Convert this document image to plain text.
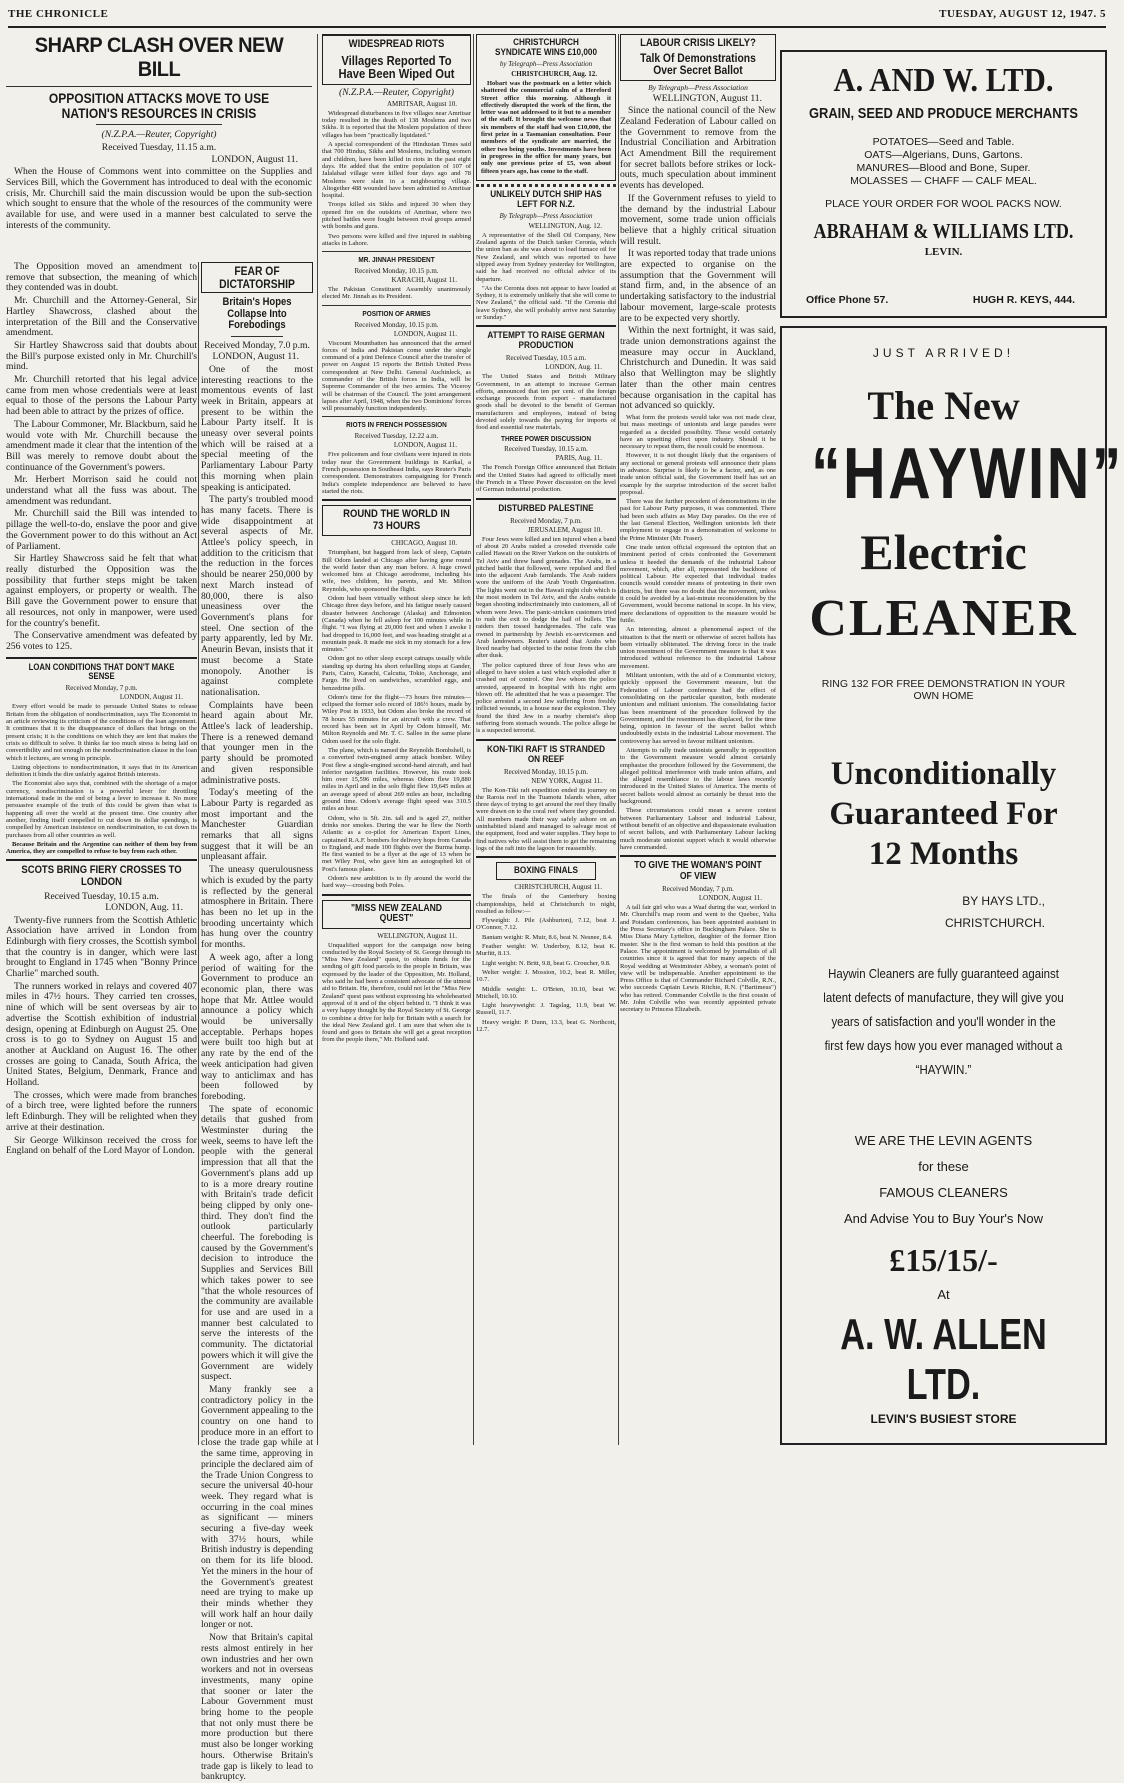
THE CHRONICLE	TUESDAY, AUGUST 12, 1947. 5
SHARP CLASH OVER NEW BILL
OPPOSITION ATTACKS MOVE TO USE NATION'S RESOURCES IN CRISIS
(N.Z.P.A.—Reuter, Copyright)
Received Tuesday, 11.15 a.m.
LONDON, August 11.

When the House of Commons went into committee on the Supplies and Services Bill, which the Government has introduced to deal with the economic crisis, Mr. Churchill said the main discussion would be upon the sub-section which sought to ensure that the whole of the resources of the community were available for use, and were used in a manner best calculated to serve the interests of the community.

The Opposition moved an amendment to remove that subsection, the meaning of which they contended was in doubt.

Mr. Churchill and the Attorney-General, Sir Hartley Shawcross, clashed about the interpretation of the Bill and the Conservative amendment.

Sir Hartley Shawcross said that doubts about the Bill's purpose existed only in Mr. Churchill's mind.

Mr. Churchill retorted that his legal advice came from men whose credentials were at least equal to those of the persons the Labour Party had been able to attract by the prizes of office.

The Labour Commoner, Mr. Blackburn, said he would vote with Mr. Churchill because the amendment made it clear that the intention of the Bill was merely to remove doubt about the continuance of the Government's powers.

Mr. Herbert Morrison said he could not understand what all the fuss was about. The amendment was redundant.

Mr. Churchill said the Bill was intended to pillage the well-to-do, enslave the poor and give the Government power to do this without an Act of Parliament.

Sir Hartley Shawcross said he felt that what really disturbed the Opposition was the possibility that further steps might be taken against employers, or property or wealth. The Bill gave the Government power to ensure that all resources, not only in manpower, were used for the country's benefit.

The Conservative amendment was defeated by 256 votes to 125.

LOAN CONDITIONS THAT DON'T MAKE SENSE
Received Monday, 7 p.m.
LONDON, August 11.

Every effort would be made to persuade United States to release Britain from the obligation of nondiscrimination, says The Economist in an article reviewing its criticism of the conditions of the loan agreement. It continues that it is the disappearance of dollars that brings on the present crisis; it is the conditions on which they are lent that makes the crisis so difficult to solve. It thinks far too much stress is being laid on convertibility and not enough on the nondiscrimination clause in the loan which it lectures, are wrong in principle.

Listing objections to nondiscrimination, it says that in its American definition it binds the dire unfairly against British interests.

The Economist also says that, combined with the shortage of a major currency, nondiscrimination is a powerful lever for throttling international trade in the end of being a lever to increase it. No more persuasive example of the truth of this could be given than what is happening all over the world at the present time. One country after another, finding itself compelled to cut down its dollar spendings, is compelled by American insistence on nondiscrimination, to cut down its purchases from all other countries as well.

Because Britain and the Argentine can neither of them buy from America, they are compelled to refuse to buy from each other.

SCOTS BRING FIERY CROSSES TO LONDON
Received Tuesday, 10.15 a.m.
LONDON, Aug. 11.

Twenty-five runners from the Scottish Athletic Association have arrived in London from Edinburgh with fiery crosses, the Scottish symbol that the country is in danger, which were last brought to England in 1745 when "Bonny Prince Charlie" marched south.

The runners worked in relays and covered 407 miles in 47½ hours. They carried ten crosses, nine of which will be sent overseas by air to advertise the Scottish exhibition of industrial design, opening at Edinburgh on August 25. One cross is to go to Sydney on August 15 and another at Auckland on August 16. The other crosses are going to Canada, South Africa, the United States, Belgium, Denmark, France and Holland.

The crosses, which were made from branches of a birch tree, were lighted before the runners left Edinburgh. They will be relighted when they arrive at their destination.

Sir George Wilkinson received the cross for England on behalf of the Lord Mayor of London.

FEAR OF DICTATORSHIP
Britain's Hopes Collapse Into Forebodings
Received Monday, 7.0 p.m.
LONDON, August 11.

One of the most interesting reactions to the momentous events of last week in Britain, appears at present to be within the Labour Party itself. It is uneasy over several points which will be raised at a special meeting of the Parliamentary Labour Party this morning when plain speaking is anticipated.

The party's troubled mood has many facets. There is wide disappointment at several aspects of Mr. Attlee's policy speech, in addition to the criticism that the reduction in the forces should be nearer 250,000 by next March instead of 80,000, there is also uneasiness over the Government's plans for steel. One section of the party apparently, led by Mr. Aneurin Bevan, insists that it must become a State monopoly. Another is against complete nationalisation.

Complaints have been heard again about Mr. Attlee's lack of leadership. There is a renewed demand that younger men in the party should be promoted and given responsible administrative posts.

Today's meeting of the Labour Party is regarded as most important and the Manchester Guardian remarks that all signs suggest that it will be an unpleasant affair.

The uneasy querulousness which is exuded by the party is reflected by the general atmosphere in Britain. There has been no let up in the brooding uncertainty which has hung over the country for months.

A week ago, after a long period of waiting for the Government to produce an economic plan, there was hope that Mr. Attlee would announce a policy which would be universally acceptable. Perhaps hopes were built too high but at any rate by the end of the week anticipation had given way to anticlimax and has been followed by foreboding.

The spate of economic details that gushed from Westminster during the week, seems to have left the people with the general impression that all that the Government's plans add up to is a more dreary routine with Britain's trade deficit being clipped by only one-third. They don't find the outlook particularly cheerful. The foreboding is caused by the Government's decision to introduce the Supplies and Services Bill which takes power to see "that the whole resources of the community are available for use and are used in a manner best calculated to serve the interests of the community. The dictatorial powers which it will give the Government are widely suspect.

Many frankly see a contradictory policy in the Government appealing to the country on one hand to produce more in an effort to close the trade gap while at the same time, approving in principle the declared aim of the Trade Union Congress to secure the universal 40-hour week. They regard what is occurring in the coal mines as significant — miners securing a five-day week with 37½ hours, while British industry is depending on them for its life blood. Yet the miners in the hour of the Government's greatest need are trying to make up their minds whether they will work half an hour daily longer or not.

Now that Britain's capital rests almost entirely in her own industries and her own workers and not in overseas investments, many opine that sooner or later the Labour Government must bring home to the people that not only must there be more production but there must also be longer working hours. Otherwise Britain's trade gap is likely to lead to bankruptcy.

WIDESPREAD RIOTS
Villages Reported To Have Been Wiped Out
(N.Z.P.A.—Reuter, Copyright)
AMRITSAR, August 10.

Widespread disturbances in five villages near Amritsar today resulted in the death of 138 Moslems and two Sikhs. It is reported that the Moslem population of three villages has been "practically liquidated."

A special correspondent of the Hindustan Times said that 700 Hindus, Sikhs and Moslems, including women and children, have been killed in riots in the past eight days. He added that the entire population of 107 of Jalalabad village were killed four days ago and 78 Moslems were slain in a neighbouring village. Altogether 488 wounded have been admitted to Amritsar hospital.

Troops killed six Sikhs and injured 30 when they opened fire on the outskirts of Amritsar, where two pitched battles were fought between rival groups armed with bombs and guns.

Two persons were killed and five injured in stabbing attacks in Lahore.

MR. JINNAH PRESIDENT
Received Monday, 10.15 p.m.
KARACHI, August 11.

The Pakistan Constituent Assembly unanimously elected Mr. Jinnah as its President.

POSITION OF ARMIES
Received Monday, 10.15 p.m.
LONDON, August 11.

Viscount Mountbatten has announced that the armed forces of India and Pakistan come under the single command of a joint Defence Council after the transfer of power on August 15 reports the British United Press correspondent at New Delhi. General Auchinleck, as commander of the British forces in India, will be Supreme Commander of the two armies. The Viceroy will be chairman of the Council. The joint arrangement lapses after April, 1948, when the two Dominions' forces will presumably function independently.

RIOTS IN FRENCH POSSESSION
Received Tuesday, 12.22 a.m.
LONDON, August 11.

Five policemen and four civilians were injured in riots today near the Government buildings in Karikal, a French possession in Southeast India, says Reuter's Paris correspondent. Demonstrators campaigning for French India's complete independence are believed to have started the riots.

ROUND THE WORLD IN 73 HOURS
CHICAGO, August 10.

Triumphant, but haggard from lack of sleep, Captain Bill Odom landed at Chicago after having gone round the world faster than any man before. A huge crowd welcomed him at Chicago aerodrome, including his wife, two children, his parents, and Mr. Milton Reynolds, who sponsored the flight.

Odom had been virtually without sleep since he left Chicago three days before, and his fatigue nearly caused disaster between Anchorage (Alaska) and Edmonton (Canada) when he fell asleep for 100 minutes while in flight. "I was flying at 20,000 feet and when I awoke I had dropped to 16,000 feet, and was heading straight at a mountain peak. It made me sick in my stomach for a few minutes."

Odom got no other sleep except catnaps usually while standing up during his short refuelling stops at Gander, Paris, Cairo, Karachi, Calcutta, Tokio, Anchorage, and Fargo. He lived on sandwiches, scrambled eggs, and benzedrine pills.

Odom's time for the flight—73 hours five minutes—eclipsed the former solo record of 186½ hours, made by Wiley Post in 1933, but Odom also broke the record of 78 hours 55 minutes for an aircraft with a crew. That record has been set in April by Odom himself, Mr. Milton Reynolds and Mr. T. C. Sallee in the same plane Odom used for the solo flight.

The plane, which is named the Reynolds Bombshell, is a converted twin-engined army attack bomber. Wiley Post flew a single-engined second-hand aircraft, and had inferior navigation facilities. However, his route took him over 15,596 miles, whereas Odom flew 19,880 miles in April and in the solo flight flew 19,645 miles at an average speed of about 269 miles an hour, including ground time. Odom's average flight speed was 310.5 miles an hour.

Odom, who is 5ft. 2in. tall and is aged 27, neither drinks nor smokes. During the war he flew the North Atlantic as a co-pilot for American Export Lines, captained R.A.F. bombers for delivery hops from Canada to England, and made 100 flights over the Burma hump. He first wanted to be a flyer at the age of 13 when he met Wiley Post, who gave him an autographed kit of Post's famous plane.

Odom's new ambition is to fly around the world the hard way—crossing both Poles.

"MISS NEW ZEALAND QUEST"
WELLINGTON, August 11.

Unqualified support for the campaign now being conducted by the Royal Society of St. George through its "Miss New Zealand" quest, to obtain funds for the sending of gift food parcels to the people in Britain, was expressed by the leader of the Opposition, Mr. Holland, who said he had been a consistent advocate of the utmost aid to Britain. He, therefore, could not let the "Miss New Zealand" quest pass without expressing his wholehearted approval of it and of the object behind it. "I think it was a very happy thought by the Royal Society of St. George to combine a drive for help for Britain with a search for the ideal New Zealand girl. I am sure that when she is found and goes to Britain she will get a great reception from the people there," Mr. Holland said.

CHRISTCHURCH SYNDICATE WINS £10,000
by Telegraph—Press Association
CHRISTCHURCH, Aug. 12.

Hobart was the postmark on a letter which shattered the commercial calm of a Hereford Street office this morning. Although it effectively disrupted the work of the firm, the letter was not addressed to it but to a member of the staff. It brought the welcome news that six members of the staff had won £10,000, the first prize in a Tasmanian consultation. Four members of the syndicate are married, the other two being youths. Investments have been in progress in the office for many years, but only one previous prize of £5, won about fifteen years ago, has come to the staff.

UNLIKELY DUTCH SHIP HAS LEFT FOR N.Z.
By Telegraph—Press Association
WELLINGTON, Aug. 12.

A representative of the Shell Oil Company, New Zealand agents of the Dutch tanker Ceronia, which the union ban as she was about to load furnace oil for New Zealand, and which was reported to have slipped away from Sydney yesterday for Wellington, said he had received no official advice of its departure.

"As the Ceronia does not appear to have loaded at Sydney, it is extremely unlikely that she will come to New Zealand," the official said. "If the Ceronia did leave Sydney, she will probably arrive next Saturday or Sunday."

ATTEMPT TO RAISE GERMAN PRODUCTION
Received Tuesday, 10.5 a.m.
LONDON, Aug. 11.

The United States and British Military Government, in an attempt to increase German efforts, announced that ten per cent. of the foreign exchange proceeds from export - manufactured goods shall be devoted to the benefit of German manufacturers and employees, instead of being devoted solely towards the paying for imports of food and essential raw materials.

THREE POWER DISCUSSION
Received Tuesday, 10.15 a.m.
PARIS, Aug. 11.

The French Foreign Office announced that Britain and the United States had agreed to officially meet the French in a Three Power discussion on the level of German industrial production.

DISTURBED PALESTINE
Received Monday, 7 p.m.
JERUSALEM, August 10.

Four Jews were killed and ten injured when a band of about 20 Arabs raided a crowded riverside cafe called Hawaii on the River Yarkon on the outskirts of Tel Aviv and threw hand grenades. The Arabs, in a pitched battle that followed, were repulsed and fled into the adjacent Arab farmlands. The Arab raiders wore the uniform of the Arab Youth Organisation. The lights went out in the Hawaii night club which is the most modern in Tel Aviv, and the Arabs outside began shooting indiscriminately into customers, all of whom were Jews. The panic-stricken customers tried to rush the exit to dodge the hail of bullets. The raiders then tossed handgrenades. The cafe was owned in partnership by Jewish ex-servicemen and Arab landowners. Reuter's stated that Arabs who lived nearby had objected to the noise from the club after dusk.

The police captured three of four Jews who are alleged to have stolen a taxi which exploded after it crashed out of control. One Jew whom the police arrested, appeared in hospital with his right arm blown off. He admitted that he was a passenger. The police arrested a second Jew suffering from freshly inflicted wounds, in a house near the explosion. They found the third Jew in a nearby chemist's shop suffering from stomach wounds. The police allege he is a suspected terrorist.

KON-TIKI RAFT IS STRANDED ON REEF
Received Monday, 10.15 p.m.
NEW YORK, August 11.

The Kon-Tiki raft expedition ended its journey on the Raroia reef in the Tuamotu Islands when, after three days of trying to get around the reef they finally were drawn on to the coral reef where they grounded. All members made their way safely ashore on an uninhabited island and managed to salvage most of the equipment, food and water supplies. They hope to find natives who will assist them to get the remaining logs of the raft into the lagoon for reassembly.

BOXING FINALS
CHRISTCHURCH, August 11.

The finals of the Canterbury boxing championships, held at Christchurch to night, resulted as follow:—

Flyweight: J. Pile (Ashburton), 7.12, beat J. O'Connor, 7.12.

Bantam weight: R. Muir, 8.6, beat N. Nesnee, 8.4.

Feather weight: W. Underboy, 8.12, beat K. Murfitt, 8.13.

Light weight: N. Britt, 9.8, beat G. Croucher, 9.8.

Welter weight: J. Mossion, 10.2, beat R. Miller, 10.7.

Middle weight: L. O'Brien, 10.10, beat W. Mitchell, 10.10.

Light heavyweight: J. Tagslag, 11.9, beat W. Russell, 11.7.

Heavy weight: P. Dunn, 13.3, beat G. Northcott, 12.7.

LABOUR CRISIS LIKELY?
Talk Of Demonstrations Over Secret Ballot
By Telegraph—Press Association
WELLINGTON, August 11.

Since the national council of the New Zealand Federation of Labour called on the Government to remove from the Industrial Conciliation and Arbitration Act Amendment Bill the requirement for secret ballots before strikes or lock-outs, much speculation about imminent events has developed.

If the Government refuses to yield to the demand by the industrial Labour movement, some trade union officials believe that a highly critical situation will result.

It was reported today that trade unions are expected to organise on the assumption that the Government will stand firm, and, in the absence of an undertaking satisfactory to the industrial labour movement, large-scale protests are to be expected very shortly.

Within the next fortnight, it was said, trade union demonstrations against the measure may occur in Auckland, Christchurch and Dunedin. It was said also that Wellington may be slightly later than the other main centres because organisation in the capital has not advanced so quickly.

What form the protests would take was not made clear, but mass meetings of unionists and large parades were regarded as a decided possibility. These would certainly have an upsetting effect upon industry. Should it be necessary to repeat them, the result could be enormous.

However, it is not thought likely that the organisers of any sectional or general protests will announce their plans in advance. Surprise is likely to be a factor, and, as one trade union official said, the Government itself has set an example by the surprise introduction of the secret ballot proposal.

There was the further precedent of demonstrations in the past for Labour Party purposes, it was commented. There had been such affairs as May Day parades. On the eve of the last General Election, Wellington unionists left their employment to engage in a demonstration of welcome to the Prime Minister (Mr. Fraser).

One trade union official expressed the opinion that an imminent period of crisis confronted the Government unless it heeded the demands of the industrial Labour movement, which, after all, represented the backbone of political Labour. He expected that individual trades councils would consider means of protesting in their own districts, but there was no doubt that the movement, unless it could be avoided by a last-minute reconsideration by the Government, would become national in scope. In his view, mere declarations of opposition to the measure would be futile.

An interesting, almost a phenomenal aspect of the situation is that the merit or otherwise of secret ballots has been virtually obliterated. The driving force in the trade union resentment of the Government measure is that it was introduced without reference to the industrial Labour movement.

Militant unionism, with the aid of a Communist victory, quickly opposed the Government measure, but the Federation of Labour conference had the effect of consolidating on the particular question, both moderate unionism and militant unionism. The consolidating factor has been resentment of the procedure followed by the Government, and the resentment has displaced, for the time being, opinion in favour of the secret ballot which undoubtedly exists in the industrial Labour movement. The controversy has served to favour militant unionism.

Attempts to rally trade unionists generally in opposition to the Government measure would almost certainly emphasise the procedure followed by the Government, the alleged political interference with trade union affairs, and the alleged resemblance to the labour laws recently introduced in the United States of America. The merits of secret ballots would almost as certainly be thrust into the background.

These circumstances could mean a severe contest between Parliamentary Labour and industrial Labour, without benefit of an objective and dispassionate evaluation of secret ballots, and with Parliamentary Labour lacking much moderate unionist support which it would otherwise have commanded.

TO GIVE THE WOMAN'S POINT OF VIEW
Received Monday, 7 p.m.
LONDON, August 11.

A tall fair girl who was a Waaf during the war, worked in Mr. Churchill's map room and went to the Quebec, Yalta and Potsdam conferences, has been appointed assistant in the Press Secretary's office in Buckingham Palace. She is Miss Diana Mary Lyttelton, daughter of the former Eton master. She is the first woman to hold this position at the Palace. The appointment is welcomed by journalists of all countries since it is agreed that for many aspects of the Royal wedding at Westminster Abbey, a woman's point of view will be indispensable. Another appointment to the Press Office is that of Commander Richard Colville, R.N., who succeeds Captain Lewis Ritchie, R.N. ("Bartimeus") who has retired. Commander Colville is the first cousin of Mr. John Colville who was recently appointed private secretary to Princess Elizabeth.

A. AND W. LTD.
GRAIN, SEED AND PRODUCE MERCHANTS
POTATOES—Seed and Table.
OATS—Algerians, Duns, Gartons.
MANURES—Blood and Bone, Super.
MOLASSES — CHAFF — CALF MEAL.
PLACE YOUR ORDER FOR WOOL PACKS NOW.
ABRAHAM & WILLIAMS LTD.
LEVIN.
Office Phone 57.	HUGH R. KEYS, 444.
JUST ARRIVED!
The New
“HAYWIN”
Electric
CLEANER
RING 132 FOR FREE DEMONSTRATION IN YOUR OWN HOME
Unconditionally
Guaranteed For
12 Months
BY HAYS LTD.,
CHRISTCHURCH.
Haywin Cleaners are fully guaranteed against latent defects of manufacture, they will give you years of satisfaction and you'll wonder in the first few days how you ever managed without a “HAYWIN.”
WE ARE THE LEVIN AGENTS
for these
FAMOUS CLEANERS
And Advise You to Buy Your's Now
£15/15/-
At
A. W. ALLEN LTD.
LEVIN'S BUSIEST STORE
